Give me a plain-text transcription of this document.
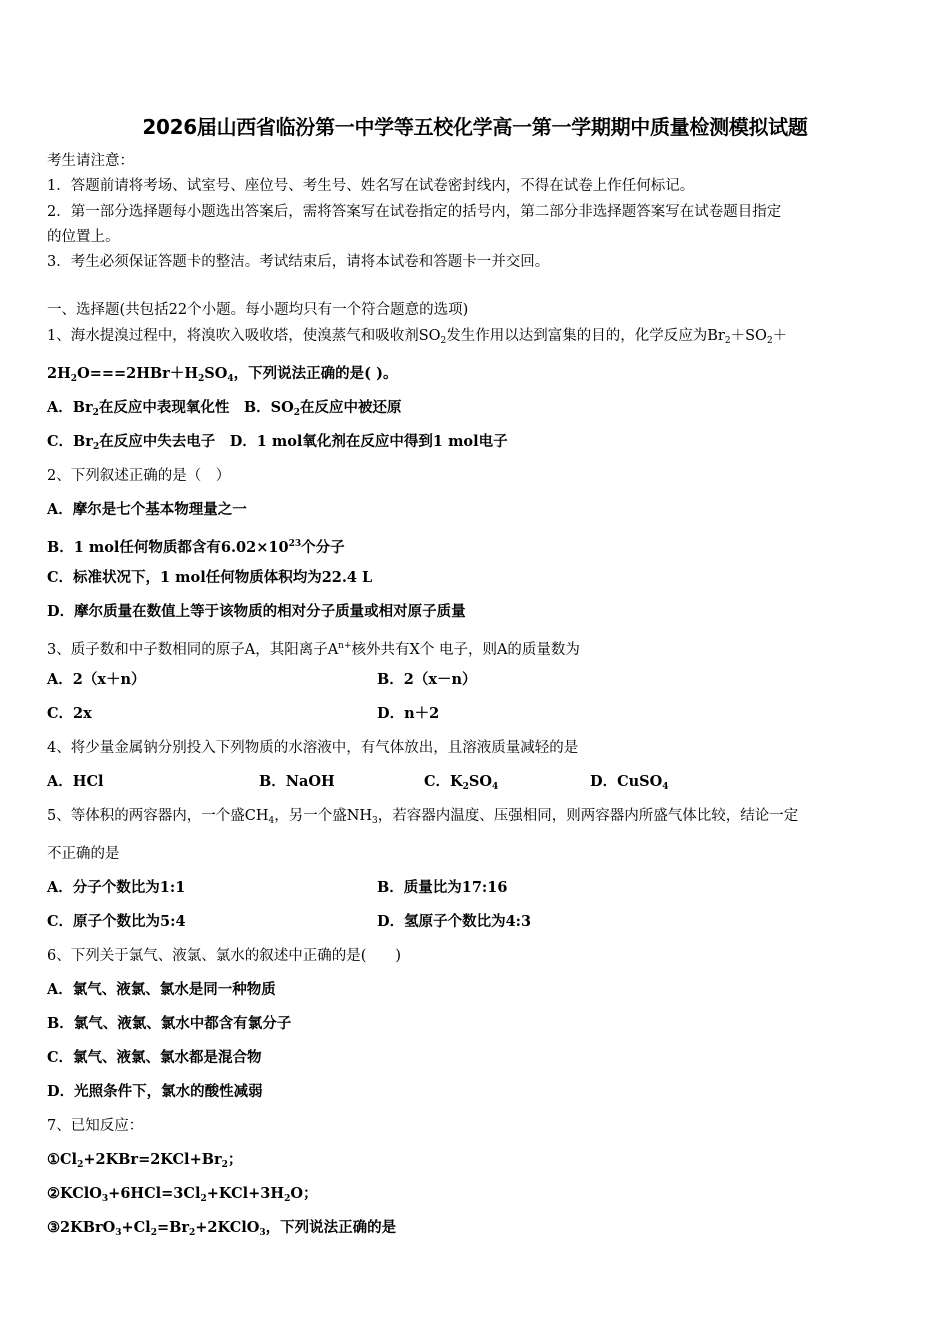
2026届山西省临汾第一中学等五校化学高一第一学期期中质量检测模拟试题
考生请注意：
1．答题前请将考场、试室号、座位号、考生号、姓名写在试卷密封线内，不得在试卷上作任何标记。
2．第一部分选择题每小题选出答案后，需将答案写在试卷指定的括号内，第二部分非选择题答案写在试卷题目指定
的位置上。
3．考生必须保证答题卡的整洁。考试结束后，请将本试卷和答题卡一并交回。
一、选择题(共包括22个小题。每小题均只有一个符合题意的选项)
1、海水提溴过程中，将溴吹入吸收塔，使溴蒸气和吸收剂$SO_2$发生作用以达到富集的目的，化学反应为$Br_2+SO_2+$
$2H_2O===2HBr+H_2SO_4$，下列说法正确的是( )。
A．$Br_2$在反应中表现氧化性　B．$SO_2$在反应中被还原
C．$Br_2$在反应中失去电子　D．1 mol氧化剂在反应中得到1 mol电子
2、下列叙述正确的是（　）
A．摩尔是七个基本物理量之一
B．1 mol任何物质都含有$6.02\times 10^{23}$个分子
C．标准状况下，1 mol任何物质体积均为22.4 L
D．摩尔质量在数值上等于该物质的相对分子质量或相对原子质量
3、质子数和中子数相同的原子A，其阳离子$A^{n+}$核外共有X个 电子，则A的质量数为
A．2（x＋n）	B．2（x－n）
C．2x	D．n＋2
4、将少量金属钠分别投入下列物质的水溶液中，有气体放出，且溶液质量减轻的是
A．HCl	B．NaOH	C．$K_2SO_4$	D．CuSO$_4$
5、等体积的两容器内，一个盛$CH_4$，另一个盛$NH_3$，若容器内温度、压强相同，则两容器内所盛气体比较，结论一定
不正确的是
A．分子个数比为1:1	B．质量比为17:16
C．原子个数比为5:4	D．氢原子个数比为4:3
6、下列关于氯气、液氯、氯水的叙述中正确的是(　　)
A．氯气、液氯、氯水是同一种物质
B．氯气、液氯、氯水中都含有氯分子
C．氯气、液氯、氯水都是混合物
D．光照条件下，氯水的酸性减弱
7、已知反应：
$①Cl_2+2KBr=2KCl+Br_2$；
$②KClO_3+6HCl=3Cl_2+KCl+3H_2O$；
$③2KBrO_3+Cl_2=Br_2+2KClO_3$，下列说法正确的是
